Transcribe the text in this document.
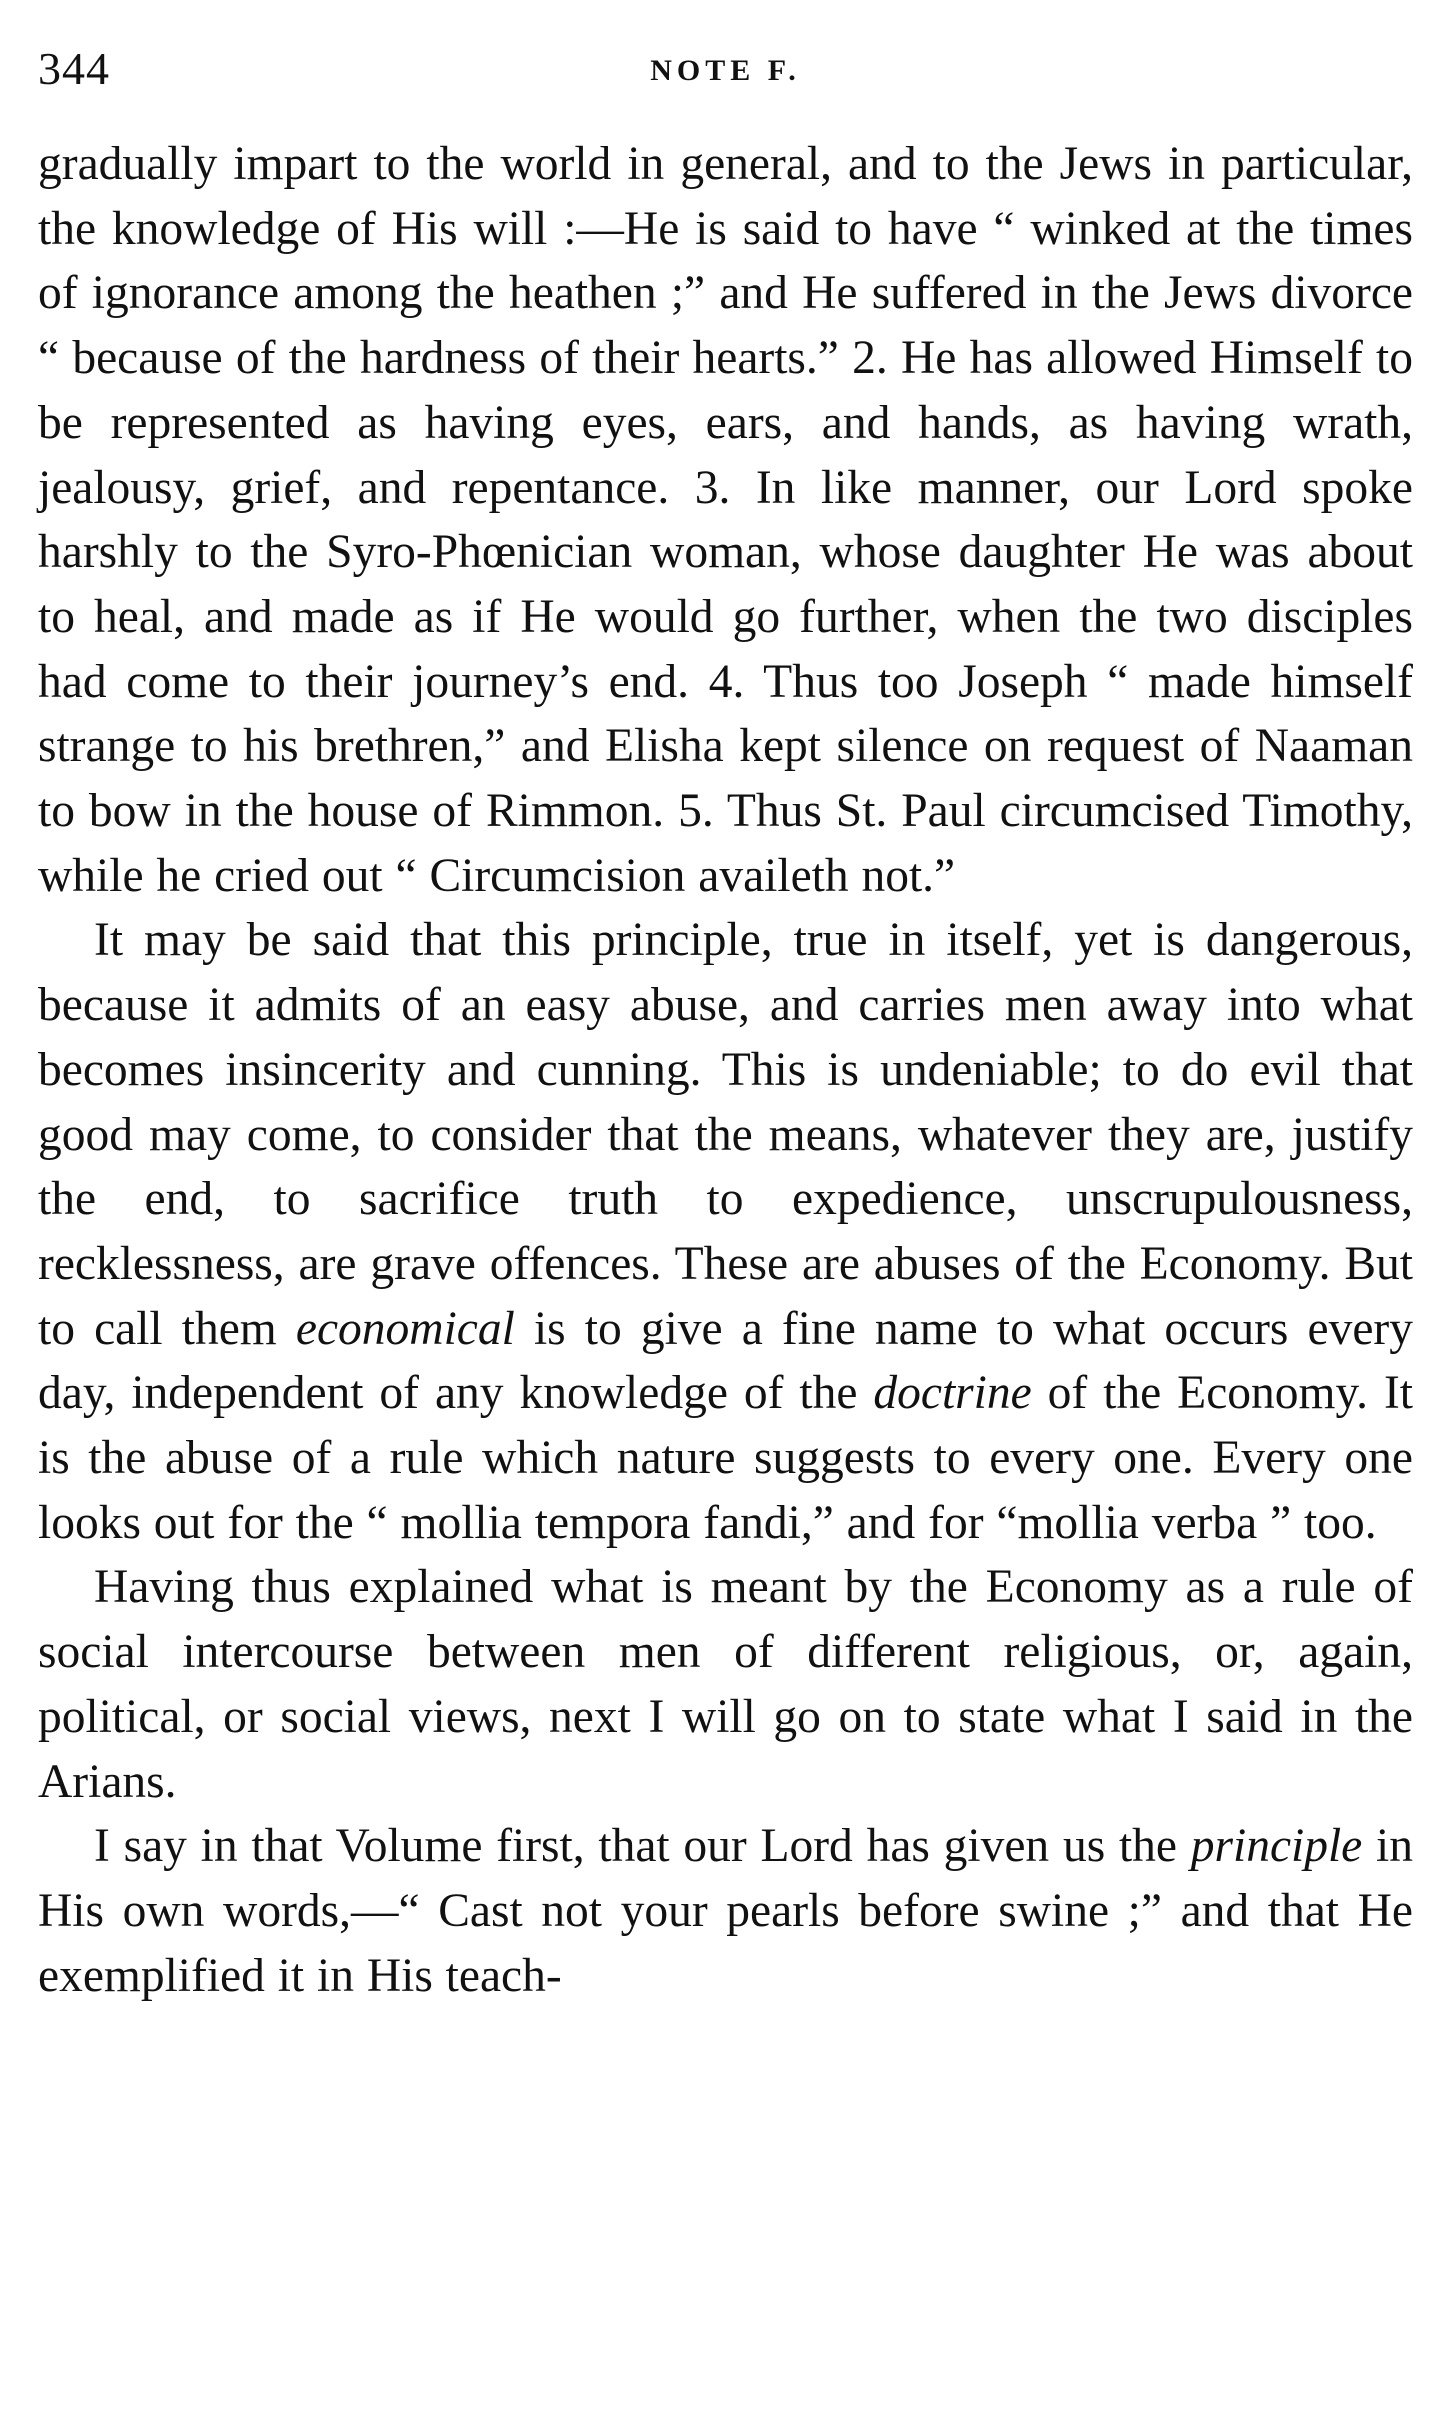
344	NOTE F.

gradually impart to the world in general, and to the Jews in particular, the knowledge of His will :—He is said to have “ winked at the times of ignorance among the heathen ;” and He suffered in the Jews divorce “ because of the hardness of their hearts.” 2. He has allowed Himself to be represented as having eyes, ears, and hands, as having wrath, jealousy, grief, and repentance. 3. In like manner, our Lord spoke harshly to the Syro-Phœnician woman, whose daughter He was about to heal, and made as if He would go further, when the two disciples had come to their journey’s end. 4. Thus too Joseph “ made himself strange to his brethren,” and Elisha kept silence on request of Naaman to bow in the house of Rimmon. 5. Thus St. Paul circumcised Timothy, while he cried out “ Circumcision availeth not.”

It may be said that this principle, true in itself, yet is dangerous, because it admits of an easy abuse, and carries men away into what becomes insincerity and cunning. This is undeniable; to do evil that good may come, to consider that the means, whatever they are, justify the end, to sacrifice truth to expedience, unscrupulousness, recklessness, are grave offences. These are abuses of the Economy. But to call them economical is to give a fine name to what occurs every day, independent of any knowledge of the doctrine of the Economy. It is the abuse of a rule which nature suggests to every one. Every one looks out for the “ mollia tempora fandi,” and for “mollia verba ” too.

Having thus explained what is meant by the Economy as a rule of social intercourse between men of different religious, or, again, political, or social views, next I will go on to state what I said in the Arians.

I say in that Volume first, that our Lord has given us the principle in His own words,—“ Cast not your pearls before swine ;” and that He exemplified it in His teach-
